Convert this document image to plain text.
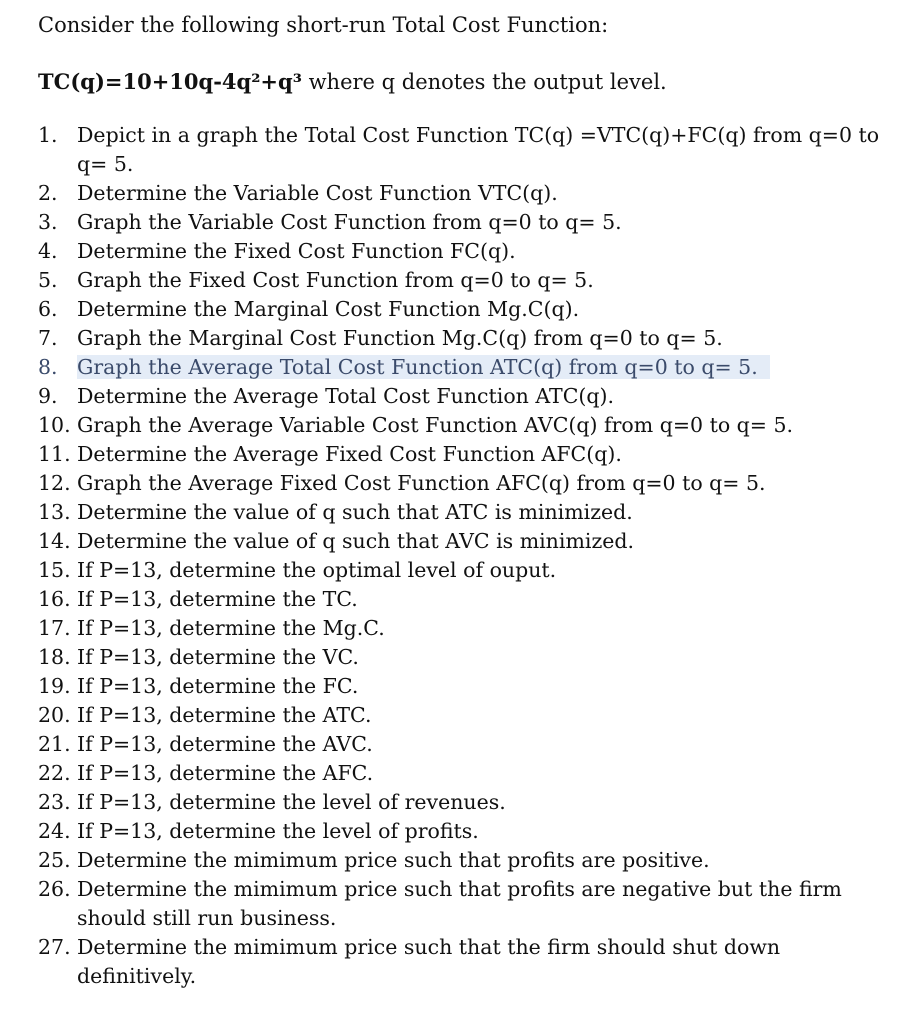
Consider the following short-run Total Cost Function:

TC(q)=10+10q-4q²+q³ where q denotes the output level.

1. Depict in a graph the Total Cost Function TC(q) =VTC(q)+FC(q) from q=0 to q= 5.
2. Determine the Variable Cost Function VTC(q).
3. Graph the Variable Cost Function from q=0 to q= 5.
4. Determine the Fixed Cost Function FC(q).
5. Graph the Fixed Cost Function from q=0 to q= 5.
6. Determine the Marginal Cost Function Mg.C(q).
7. Graph the Marginal Cost Function Mg.C(q) from q=0 to q= 5.
8. Graph the Average Total Cost Function ATC(q) from q=0 to q= 5.
9. Determine the Average Total Cost Function ATC(q).
10. Graph the Average Variable Cost Function AVC(q) from q=0 to q= 5.
11. Determine the Average Fixed Cost Function AFC(q).
12. Graph the Average Fixed Cost Function AFC(q) from q=0 to q= 5.
13. Determine the value of q such that ATC is minimized.
14. Determine the value of q such that AVC is minimized.
15. If P=13, determine the optimal level of ouput.
16. If P=13, determine the TC.
17. If P=13, determine the Mg.C.
18. If P=13, determine the VC.
19. If P=13, determine the FC.
20. If P=13, determine the ATC.
21. If P=13, determine the AVC.
22. If P=13, determine the AFC.
23. If P=13, determine the level of revenues.
24. If P=13, determine the level of profits.
25. Determine the mimimum price such that profits are positive.
26. Determine the mimimum price such that profits are negative but the firm should still run business.
27. Determine the mimimum price such that the firm should shut down definitively.
